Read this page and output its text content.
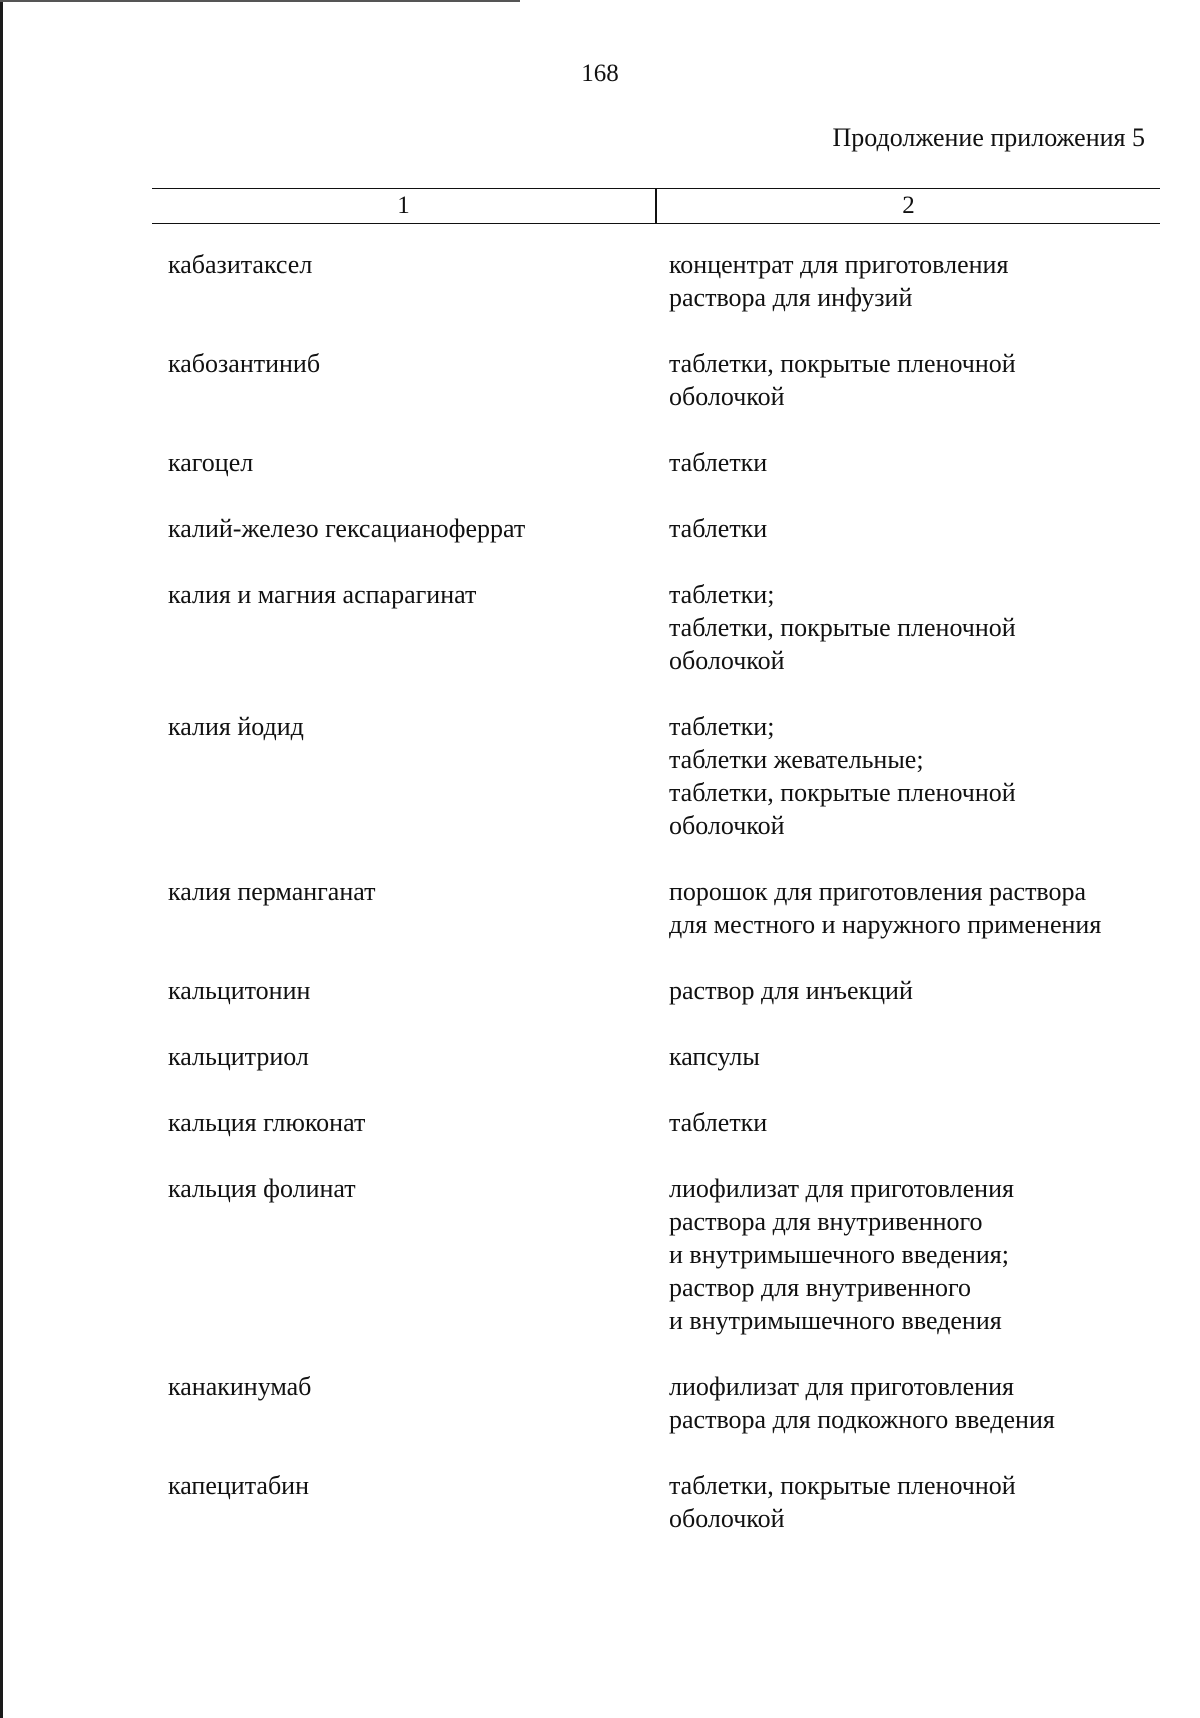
168
Продолжение приложения 5
1	2
кабазитаксел	концентрат для приготовления
раствора для инфузий
кабозантиниб	таблетки, покрытые пленочной
оболочкой
кагоцел	таблетки
калий-железо гексацианоферрат	таблетки
калия и магния аспарагинат	таблетки;
таблетки, покрытые пленочной
оболочкой
калия йодид	таблетки;
таблетки жевательные;
таблетки, покрытые пленочной
оболочкой
калия перманганат	порошок для приготовления раствора
для местного и наружного применения
кальцитонин	раствор для инъекций
кальцитриол	капсулы
кальция глюконат	таблетки
кальция фолинат	лиофилизат для приготовления
раствора для внутривенного
и внутримышечного введения;
раствор для внутривенного
и внутримышечного введения
канакинумаб	лиофилизат для приготовления
раствора для подкожного введения
капецитабин	таблетки, покрытые пленочной
оболочкой
